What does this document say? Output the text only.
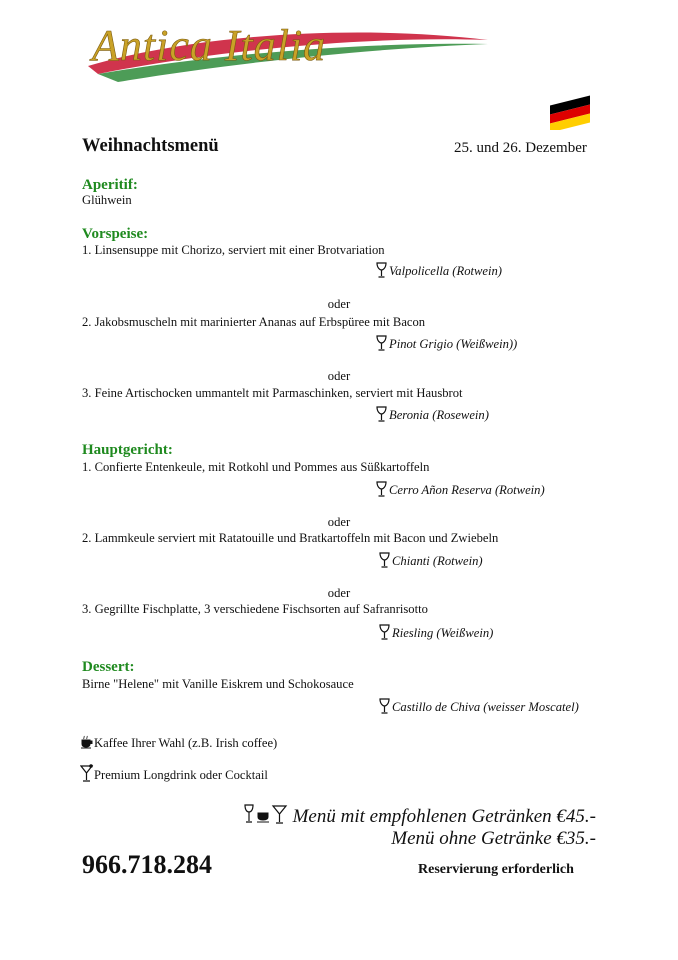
Antica Italia
Weihnachtsmenü	25. und 26. Dezember
Aperitif:
Glühwein
Vorspeise:
1. Linsensuppe mit Chorizo, serviert mit einer Brotvariation
Valpolicella (Rotwein)
oder
2. Jakobsmuscheln mit marinierter Ananas auf Erbspüree mit Bacon
Pinot Grigio (Weißwein))
oder
3. Feine Artischocken ummantelt mit Parmaschinken, serviert mit Hausbrot
Beronia (Rosewein)
Hauptgericht:
1. Confierte Entenkeule, mit Rotkohl und Pommes aus Süßkartoffeln
Cerro Añon Reserva (Rotwein)
oder
2. Lammkeule serviert mit Ratatouille und Bratkartoffeln mit Bacon und Zwiebeln
Chianti (Rotwein)
oder
3. Gegrillte Fischplatte, 3 verschiedene Fischsorten auf Safranrisotto
Riesling (Weißwein)
Dessert:
Birne "Helene" mit Vanille Eiskrem und Schokosauce
Castillo de Chiva (weisser Moscatel)
Kaffee Ihrer Wahl (z.B. Irish coffee)
Premium Longdrink oder Cocktail
Menü mit empfohlenen Getränken €45.-
Menü ohne Getränke €35.-
966.718.284	Reservierung erforderlich
